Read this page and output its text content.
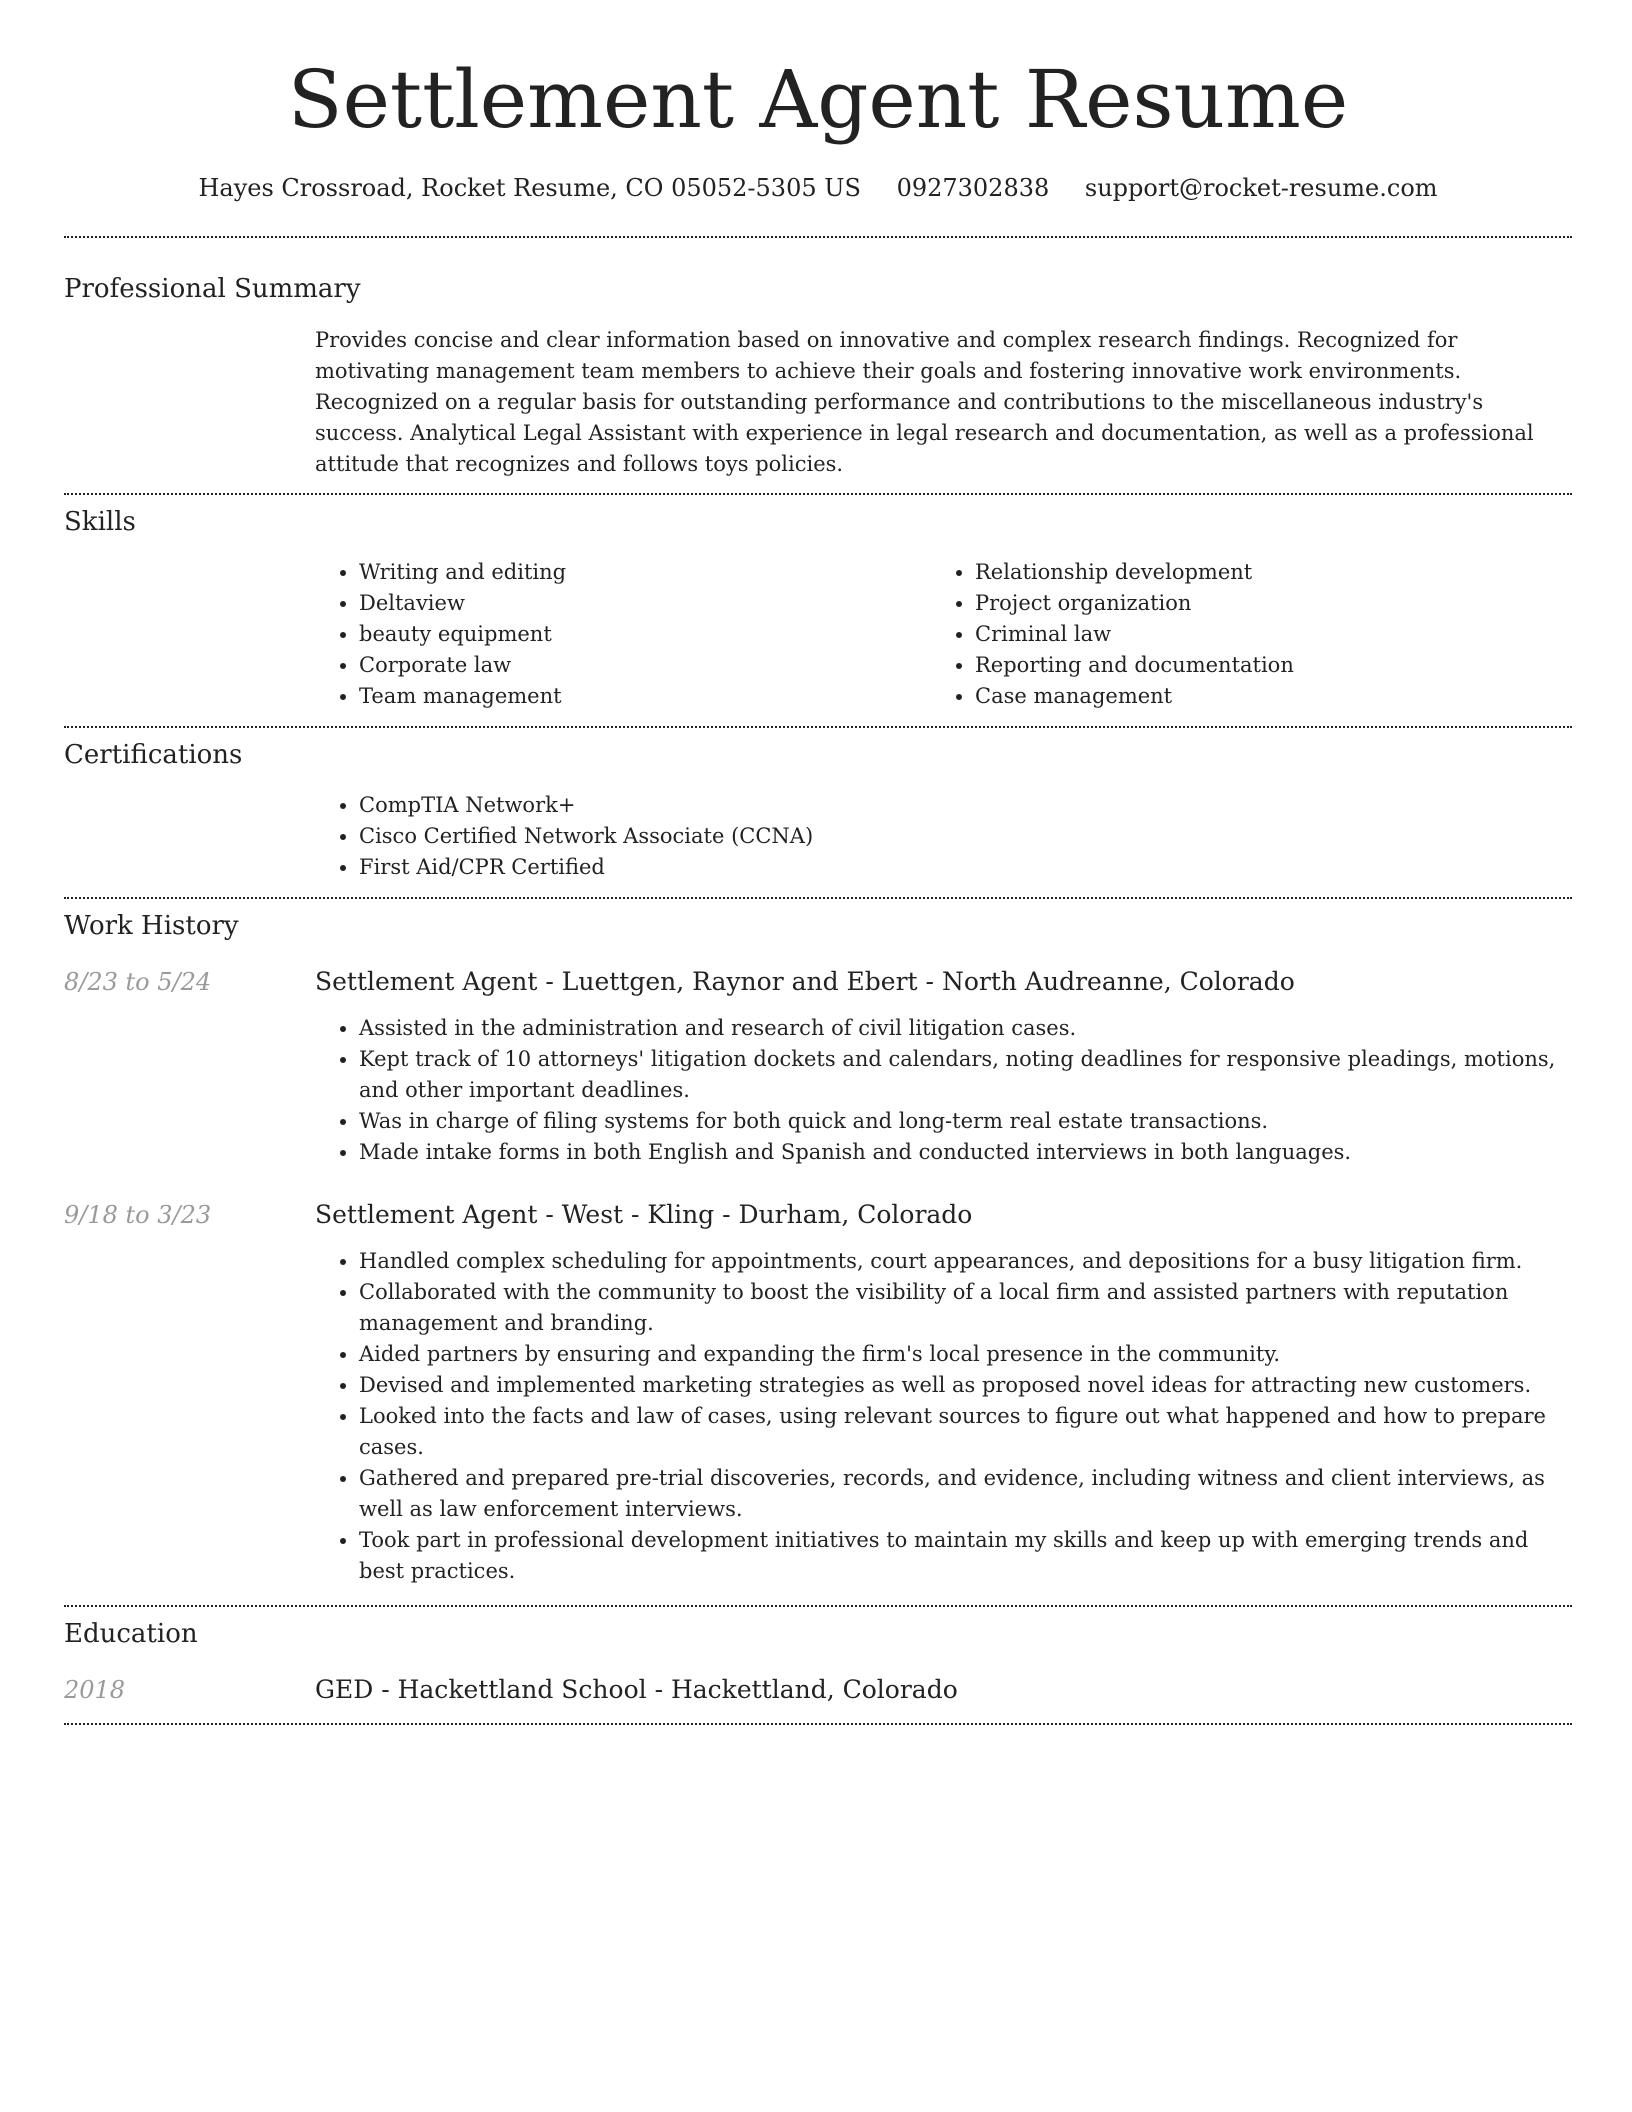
Settlement Agent Resume
Hayes Crossroad, Rocket Resume, CO 05052-5305 US 0927302838 support@rocket-resume.com
Professional Summary
Provides concise and clear information based on innovative and complex research findings. Recognized for motivating management team members to achieve their goals and fostering innovative work environments. Recognized on a regular basis for outstanding performance and contributions to the miscellaneous industry's success. Analytical Legal Assistant with experience in legal research and documentation, as well as a professional attitude that recognizes and follows toys policies.
Skills
• Writing and editing
• Deltaview
• beauty equipment
• Corporate law
• Team management
• Relationship development
• Project organization
• Criminal law
• Reporting and documentation
• Case management
Certifications
• CompTIA Network+
• Cisco Certified Network Associate (CCNA)
• First Aid/CPR Certified
Work History
8/23 to 5/24	Settlement Agent - Luettgen, Raynor and Ebert - North Audreanne, Colorado
• Assisted in the administration and research of civil litigation cases.
• Kept track of 10 attorneys' litigation dockets and calendars, noting deadlines for responsive pleadings, motions, and other important deadlines.
• Was in charge of filing systems for both quick and long-term real estate transactions.
• Made intake forms in both English and Spanish and conducted interviews in both languages.
9/18 to 3/23	Settlement Agent - West - Kling - Durham, Colorado
• Handled complex scheduling for appointments, court appearances, and depositions for a busy litigation firm.
• Collaborated with the community to boost the visibility of a local firm and assisted partners with reputation management and branding.
• Aided partners by ensuring and expanding the firm's local presence in the community.
• Devised and implemented marketing strategies as well as proposed novel ideas for attracting new customers.
• Looked into the facts and law of cases, using relevant sources to figure out what happened and how to prepare cases.
• Gathered and prepared pre-trial discoveries, records, and evidence, including witness and client interviews, as well as law enforcement interviews.
• Took part in professional development initiatives to maintain my skills and keep up with emerging trends and best practices.
Education
2018	GED - Hackettland School - Hackettland, Colorado
